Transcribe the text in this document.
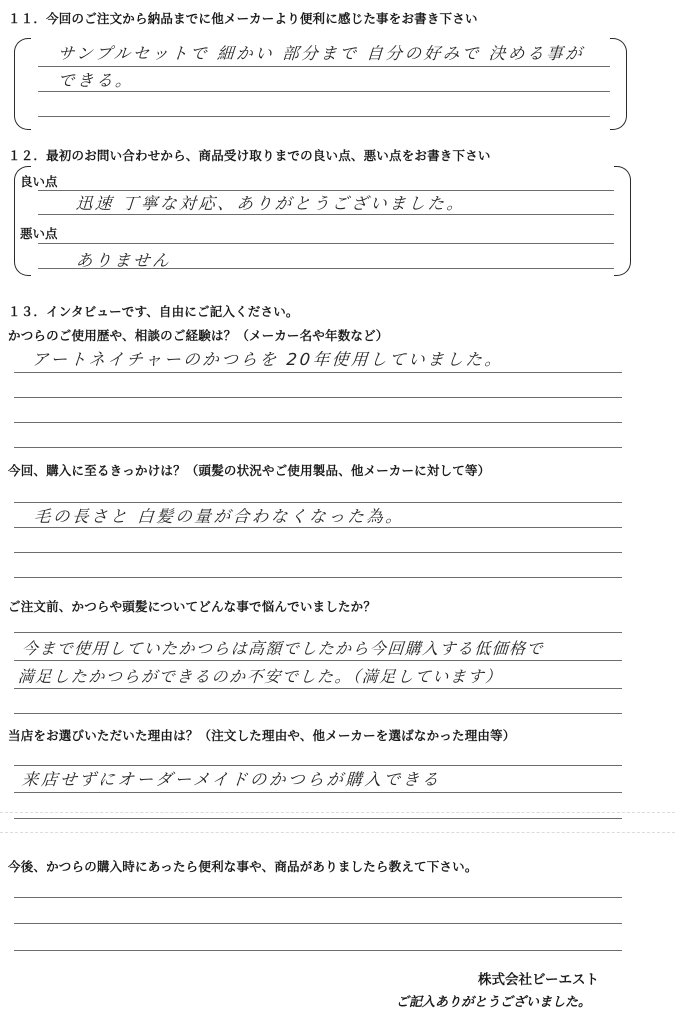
１１．今回のご注文から納品までに他メーカーより便利に感じた事をお書き下さい

サンプルセットで 細かい 部分まで 自分の好みで 決める事が
できる。

１２．最初のお問い合わせから、商品受け取りまでの良い点、悪い点をお書き下さい

良い点
迅速 丁寧な対応、ありがとうございました。
悪い点
ありません

１３．インタビューです、自由にご記入ください。

かつらのご使用歴や、相談のご経験は？（メーカー名や年数など）

アートネイチャーのかつらを 20年使用していました。

今回、購入に至るきっかけは？（頭髪の状況やご使用製品、他メーカーに対して等）

毛の長さと 白髪の量が合わなくなった為。

ご注文前、かつらや頭髪についてどんな事で悩んでいましたか？

今まで使用していたかつらは高額でしたから今回購入する低価格で
満足したかつらができるのか不安でした。（満足しています）

当店をお選びいただいた理由は？（注文した理由や、他メーカーを選ばなかった理由等）

来店せずにオーダーメイドのかつらが購入できる

今後、かつらの購入時にあったら便利な事や、商品がありましたら教えて下さい。

株式会社ビーエスト
ご記入ありがとうございました。
